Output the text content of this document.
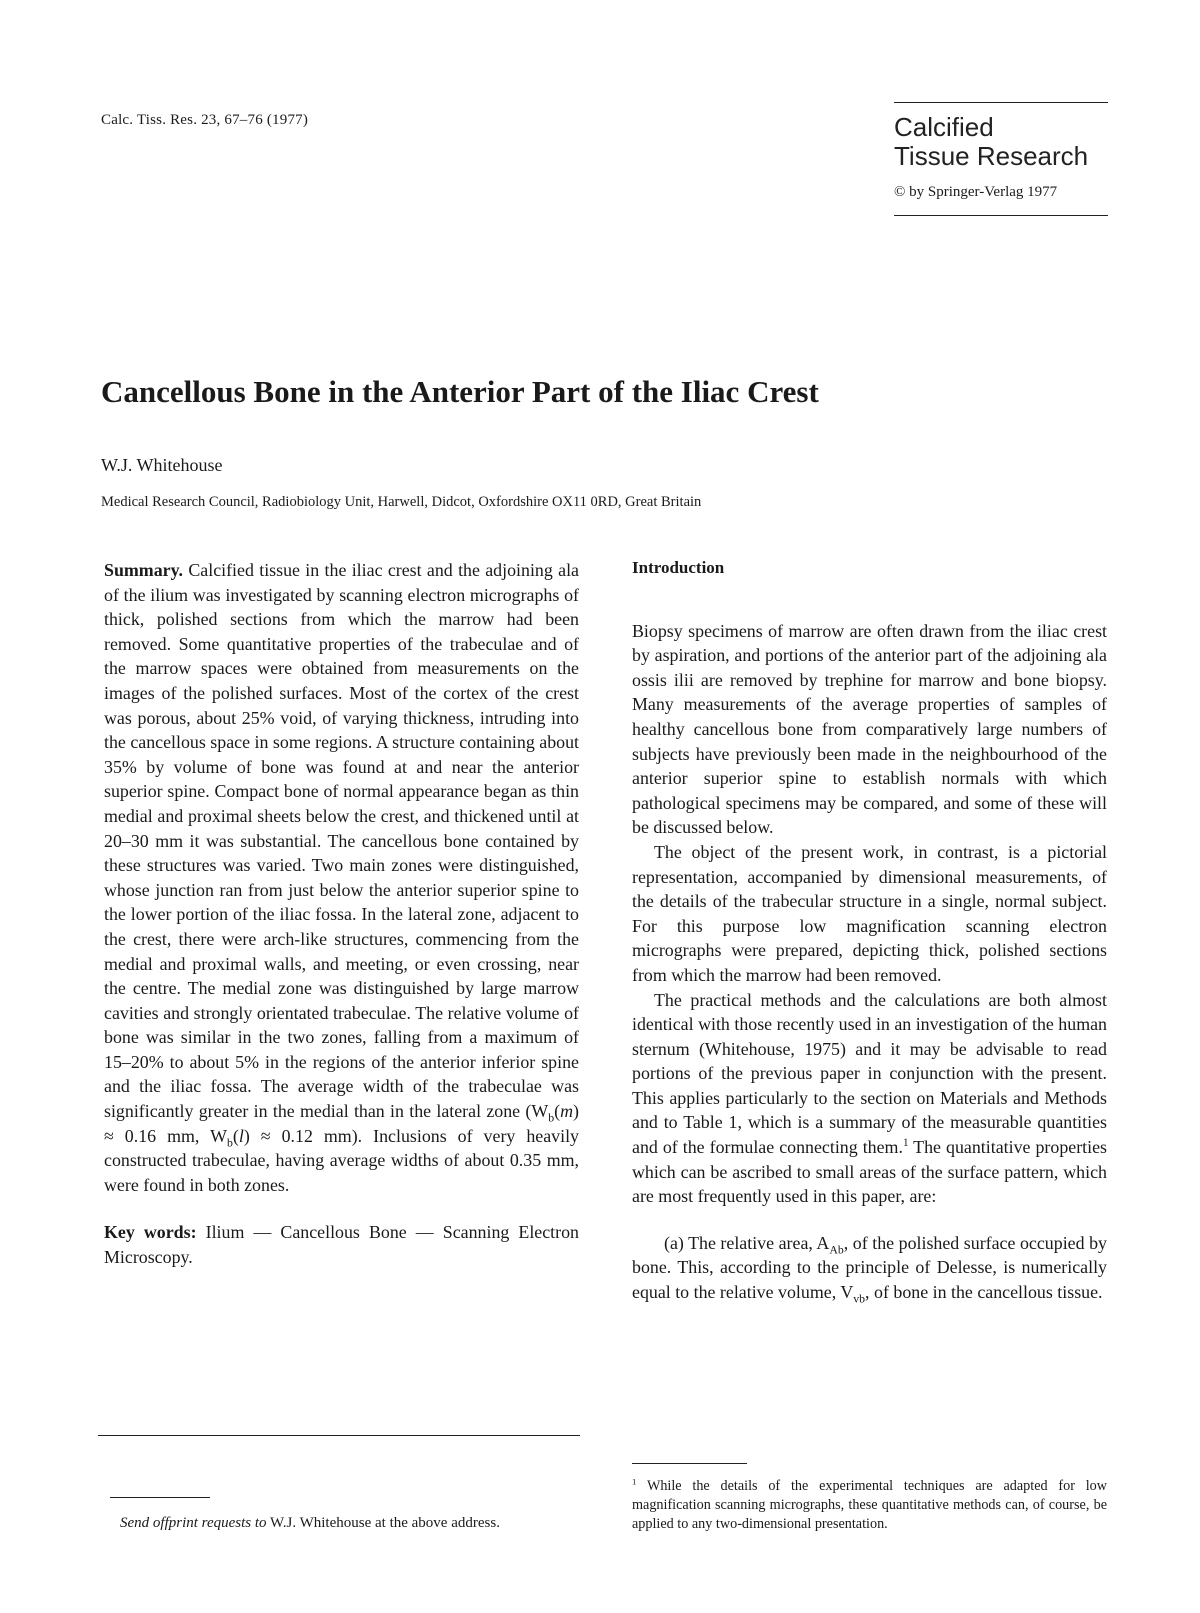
Calc. Tiss. Res. 23, 67–76 (1977)	Calcified
Tissue Research
© by Springer-Verlag 1977
Cancellous Bone in the Anterior Part of the Iliac Crest
W.J. Whitehouse
Medical Research Council, Radiobiology Unit, Harwell, Didcot, Oxfordshire OX11 0RD, Great Britain

Summary. Calcified tissue in the iliac crest and the adjoining ala of the ilium was investigated by scanning electron micrographs of thick, polished sections from which the marrow had been removed. Some quantitative properties of the trabeculae and of the marrow spaces were obtained from measurements on the images of the polished surfaces. Most of the cortex of the crest was porous, about 25% void, of varying thickness, intruding into the cancellous space in some regions. A structure containing about 35% by volume of bone was found at and near the anterior superior spine. Compact bone of normal appearance began as thin medial and proximal sheets below the crest, and thickened until at 20–30 mm it was substantial. The cancellous bone contained by these structures was varied. Two main zones were distinguished, whose junction ran from just below the anterior superior spine to the lower portion of the iliac fossa. In the lateral zone, adjacent to the crest, there were arch-like structures, commencing from the medial and proximal walls, and meeting, or even crossing, near the centre. The medial zone was distinguished by large marrow cavities and strongly orientated trabeculae. The relative volume of bone was similar in the two zones, falling from a maximum of 15–20% to about 5% in the regions of the anterior inferior spine and the iliac fossa. The average width of the trabeculae was significantly greater in the medial than in the lateral zone ($W_b(m) \approx 0.16$ mm, $W_b(l) \approx 0.12$ mm). Inclusions of very heavily constructed trabeculae, having average widths of about 0.35 mm, were found in both zones.

Key words: Ilium — Cancellous Bone — Scanning Electron Microscopy.

Send offprint requests to W.J. Whitehouse at the above address.

Introduction

Biopsy specimens of marrow are often drawn from the iliac crest by aspiration, and portions of the anterior part of the adjoining ala ossis ilii are removed by trephine for marrow and bone biopsy. Many measurements of the average properties of samples of healthy cancellous bone from comparatively large numbers of subjects have previously been made in the neighbourhood of the anterior superior spine to establish normals with which pathological specimens may be compared, and some of these will be discussed below.

The object of the present work, in contrast, is a pictorial representation, accompanied by dimensional measurements, of the details of the trabecular structure in a single, normal subject. For this purpose low magnification scanning electron micrographs were prepared, depicting thick, polished sections from which the marrow had been removed.

The practical methods and the calculations are both almost identical with those recently used in an investigation of the human sternum (Whitehouse, 1975) and it may be advisable to read portions of the previous paper in conjunction with the present. This applies particularly to the section on Materials and Methods and to Table 1, which is a summary of the measurable quantities and of the formulae connecting them.$^1$ The quantitative properties which can be ascribed to small areas of the surface pattern, which are most frequently used in this paper, are:

(a) The relative area, $A_{Ab}$, of the polished surface occupied by bone. This, according to the principle of Delesse, is numerically equal to the relative volume, $V_{vb}$, of bone in the cancellous tissue.

$^1$ While the details of the experimental techniques are adapted for low magnification scanning micrographs, these quantitative methods can, of course, be applied to any two-dimensional presentation.
